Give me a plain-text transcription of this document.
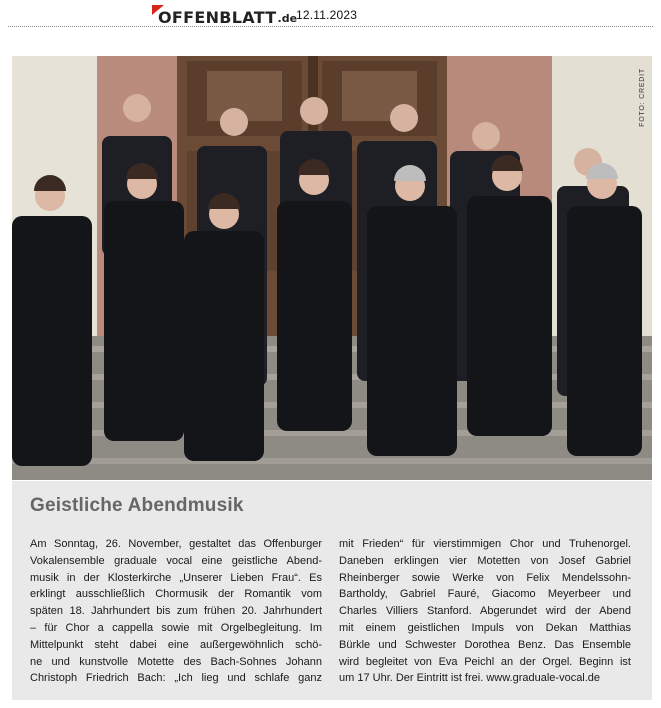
OFFENBLATT .de
12.11.2023
FOTO: CREDIT
Geistliche Abendmusik
Am Sonntag, 26. November, gestaltet das Offenburger
Vokalensemble graduale vocal eine geistliche Abend-
musik in der Klosterkirche „Unserer Lieben Frau“. Es
erklingt ausschließlich Chormusik der Romantik vom
späten 18. Jahrhundert bis zum frühen 20. Jahrhundert
– für Chor a cappella sowie mit Orgelbegleitung. Im
Mittelpunkt steht dabei eine außergewöhnlich schö-
ne und kunstvolle Motette des Bach-Sohnes Johann
Christoph Friedrich Bach: „Ich lieg und schlafe ganz
mit Frieden“ für vierstimmigen Chor und Truhenorgel.
Daneben erklingen vier Motetten von Josef Gabriel
Rheinberger sowie Werke von Felix Mendelssohn-
Bartholdy, Gabriel Fauré, Giacomo Meyerbeer und
Charles Villiers Stanford. Abgerundet wird der Abend
mit einem geistlichen Impuls von Dekan Matthias
Bürkle und Schwester Dorothea Benz. Das Ensemble
wird begleitet von Eva Peichl an der Orgel. Beginn ist
um 17 Uhr. Der Eintritt ist frei. www.graduale-vocal.de
